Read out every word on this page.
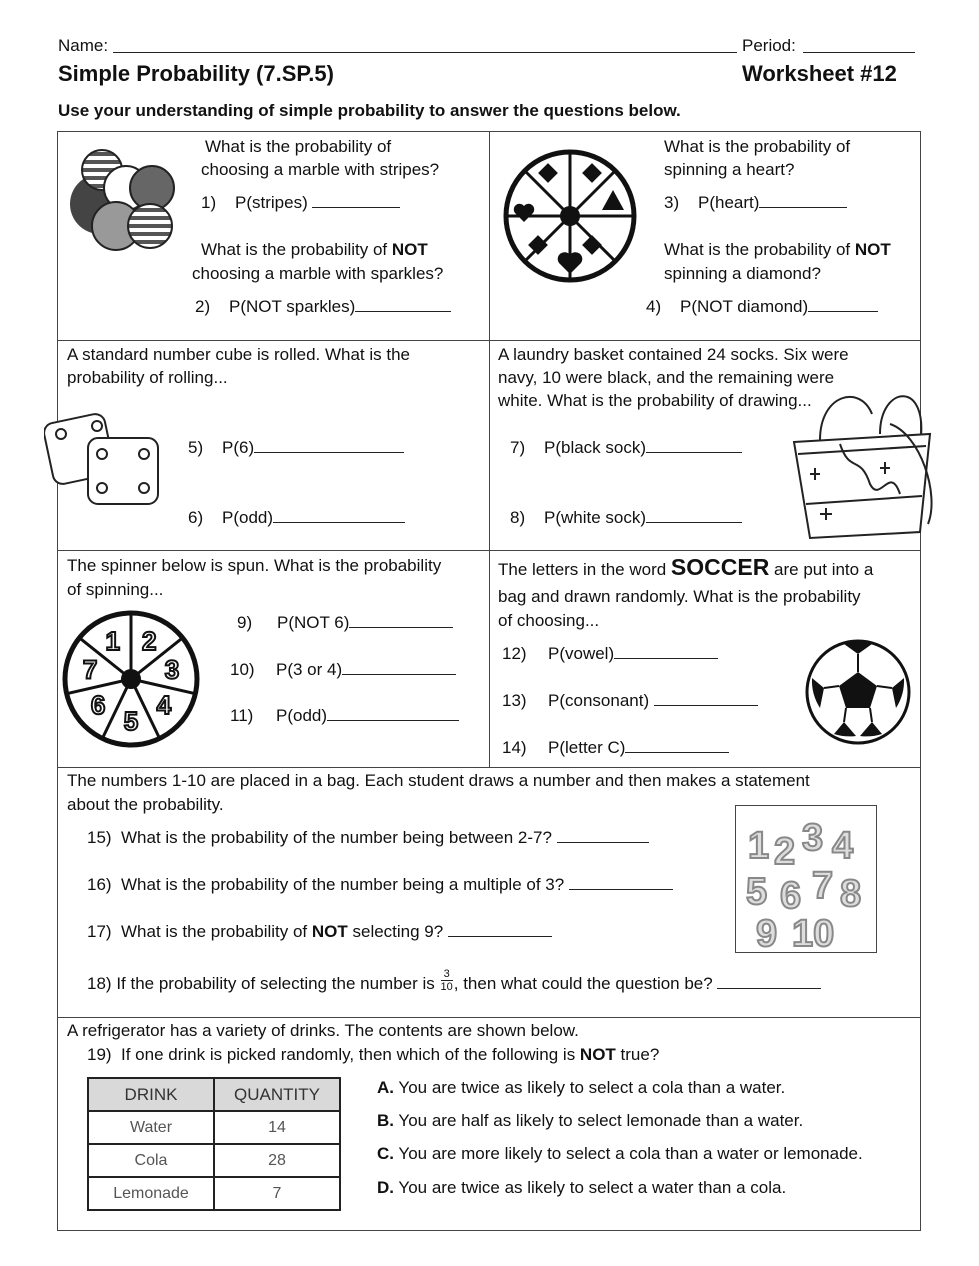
Name:	Period:
Simple Probability (7.SP.5)	Worksheet #12
Use your understanding of simple probability to answer the questions below.
What is the probability of
choosing a marble with stripes?
1) P(stripes)
What is the probability of NOT
choosing a marble with sparkles?
2) P(NOT sparkles)
What is the probability of
spinning a heart?
3) P(heart)
What is the probability of NOT
spinning a diamond?
4) P(NOT diamond)
A standard number cube is rolled. What is the
probability of rolling...
5) P(6)
6) P(odd)
A laundry basket contained 24 socks. Six were
navy, 10 were black, and the remaining were
white. What is the probability of drawing...
7) P(black sock)
8) P(white sock)
The spinner below is spun. What is the probability
of spinning...
1 2
3
4
5
6
7
9) P(NOT 6)
10) P(3 or 4)
11) P(odd)
The letters in the word SOCCER are put into a
bag and drawn randomly. What is the probability
of choosing...
12) P(vowel)
13) P(consonant)
14) P(letter C)
The numbers 1-10 are placed in a bag. Each student draws a number and then makes a statement
about the probability.
15) What is the probability of the number being between 2-7?
16) What is the probability of the number being a multiple of 3?
17) What is the probability of NOT selecting 9?
18) If the probability of selecting the number is $\frac{3}{10}$ , then what could the question be?
1 2 3 4
5 6 7 8
9 10
A refrigerator has a variety of drinks. The contents are shown below.
19) If one drink is picked randomly, then which of the following is NOT true?
DRINK	QUANTITY
Water	14
Cola	28
Lemonade	7
A. You are twice as likely to select a cola than a water.
B. You are half as likely to select lemonade than a water.
C. You are more likely to select a cola than a water or lemonade.
D. You are twice as likely to select a water than a cola.
